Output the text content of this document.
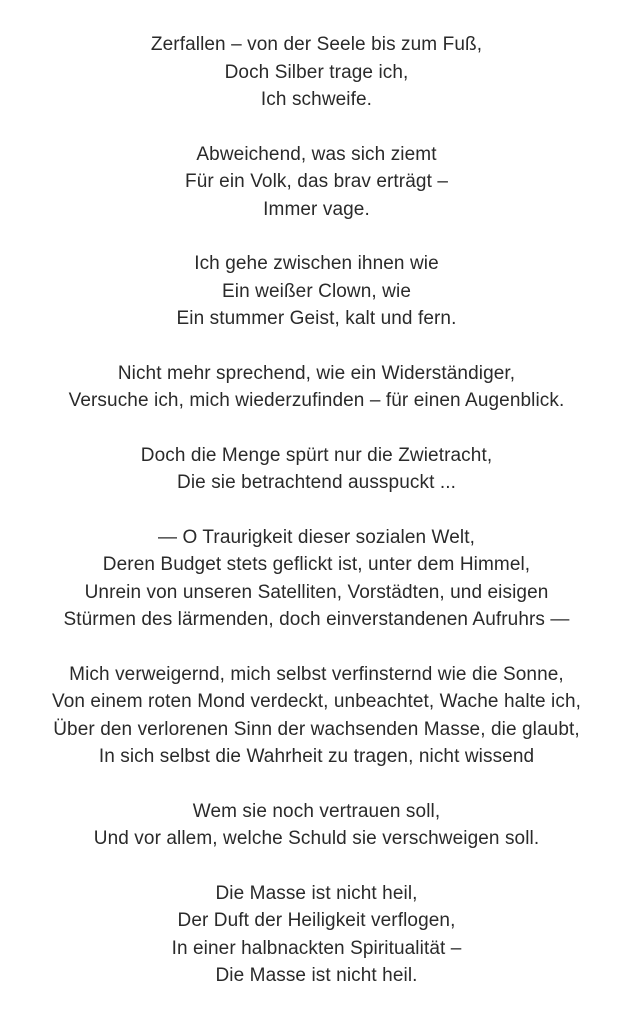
Zerfallen – von der Seele bis zum Fuß,
Doch Silber trage ich,
Ich schweife.
Abweichend, was sich ziemt
Für ein Volk, das brav erträgt –
Immer vage.
Ich gehe zwischen ihnen wie
Ein weißer Clown, wie
Ein stummer Geist, kalt und fern.
Nicht mehr sprechend, wie ein Widerständiger,
Versuche ich, mich wiederzufinden – für einen Augenblick.
Doch die Menge spürt nur die Zwietracht,
Die sie betrachtend ausspuckt ...
— O Traurigkeit dieser sozialen Welt,
Deren Budget stets geflickt ist, unter dem Himmel,
Unrein von unseren Satelliten, Vorstädten, und eisigen
Stürmen des lärmenden, doch einverstandenen Aufruhrs —
Mich verweigernd, mich selbst verfinsternd wie die Sonne,
Von einem roten Mond verdeckt, unbeachtet, Wache halte ich,
Über den verlorenen Sinn der wachsenden Masse, die glaubt,
In sich selbst die Wahrheit zu tragen, nicht wissend
Wem sie noch vertrauen soll,
Und vor allem, welche Schuld sie verschweigen soll.
Die Masse ist nicht heil,
Der Duft der Heiligkeit verflogen,
In einer halbnackten Spiritualität –
Die Masse ist nicht heil.
